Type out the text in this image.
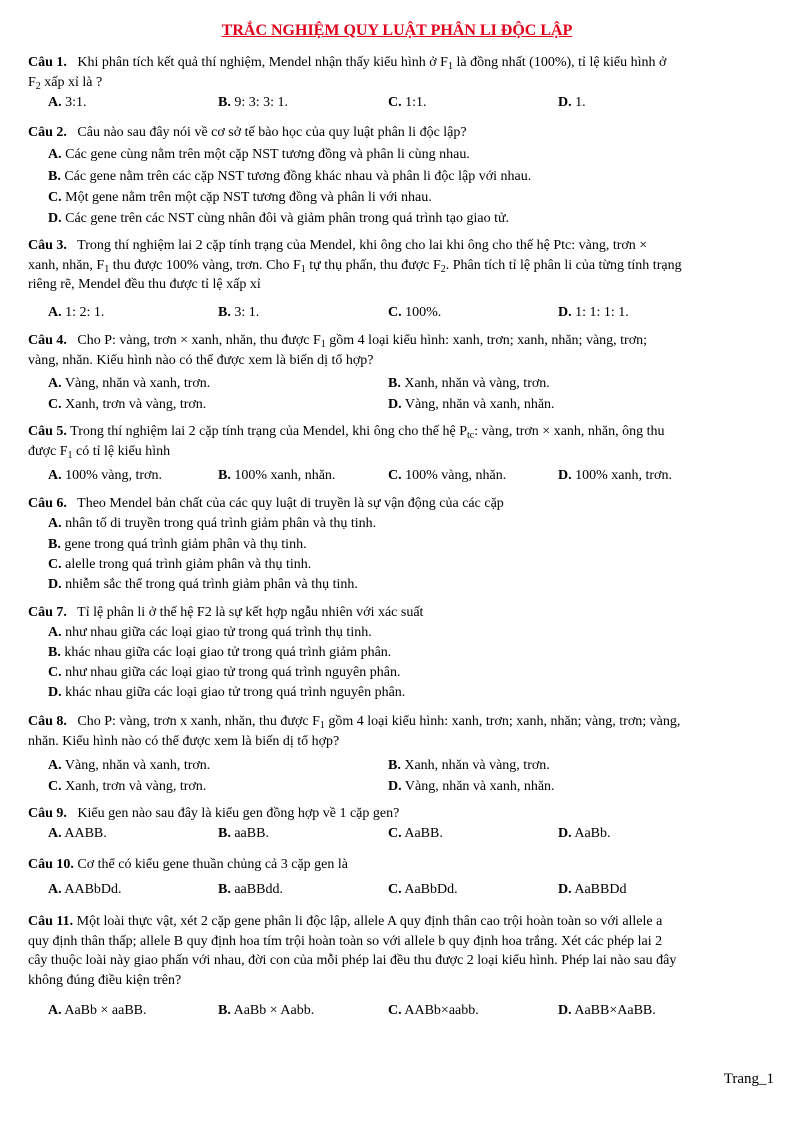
TRẮC NGHIỆM QUY LUẬT PHÂN LI ĐỘC LẬP
Câu 1. Khi phân tích kết quả thí nghiệm, Mendel nhận thấy kiểu hình ở $F_1$ là đồng nhất (100%), tỉ lệ kiểu hình ở
$F_2$ xấp xỉ là ?
A. 3:1.	B. 9: 3: 3: 1.	C. 1:1.	D. 1.
Câu 2. Câu nào sau đây nói về cơ sở tế bào học của quy luật phân li độc lập?
A. Các gene cùng nằm trên một cặp NST tương đồng và phân li cùng nhau.
B. Các gene nằm trên các cặp NST tương đồng khác nhau và phân li độc lập với nhau.
C. Một gene nằm trên một cặp NST tương đồng và phân li với nhau.
D. Các gene trên các NST cùng nhân đôi và giảm phân trong quá trình tạo giao tử.
Câu 3. Trong thí nghiệm lai 2 cặp tính trạng của Mendel, khi ông cho lai khi ông cho thế hệ Ptc: vàng, trơn ×
xanh, nhăn, $F_1$ thu được 100% vàng, trơn. Cho $F_1$ tự thụ phấn, thu được $F_2$. Phân tích tỉ lệ phân li của từng tính trạng
riêng rẽ, Mendel đều thu được tỉ lệ xấp xỉ
A. 1: 2: 1.	B. 3: 1.	C. 100%.	D. 1: 1: 1: 1.
Câu 4. Cho P: vàng, trơn × xanh, nhăn, thu được $F_1$ gồm 4 loại kiểu hình: xanh, trơn; xanh, nhăn; vàng, trơn;
vàng, nhăn. Kiểu hình nào có thể được xem là biến dị tổ hợp?
A. Vàng, nhăn và xanh, trơn.	B. Xanh, nhăn và vàng, trơn.
C. Xanh, trơn và vàng, trơn.	D. Vàng, nhăn và xanh, nhăn.
Câu 5. Trong thí nghiệm lai 2 cặp tính trạng của Mendel, khi ông cho thế hệ $P_{tc}$: vàng, trơn × xanh, nhăn, ông thu
được $F_1$ có tỉ lệ kiểu hình
A. 100% vàng, trơn.	B. 100% xanh, nhăn.	C. 100% vàng, nhăn.	D. 100% xanh, trơn.
Câu 6. Theo Mendel bản chất của các quy luật di truyền là sự vận động của các cặp
A. nhân tố di truyền trong quá trình giảm phân và thụ tinh.
B. gene trong quá trình giảm phân và thụ tinh.
C. alelle trong quá trình giảm phân và thụ tinh.
D. nhiễm sắc thể trong quá trình giảm phân và thụ tinh.
Câu 7. Tỉ lệ phân li ở thế hệ F2 là sự kết hợp ngẫu nhiên với xác suất
A. như nhau giữa các loại giao tử trong quá trình thụ tinh.
B. khác nhau giữa các loại giao tử trong quá trình giảm phân.
C. như nhau giữa các loại giao tử trong quá trình nguyên phân.
D. khác nhau giữa các loại giao tử trong quá trình nguyên phân.
Câu 8. Cho P: vàng, trơn x xanh, nhăn, thu được $F_1$ gồm 4 loại kiểu hình: xanh, trơn; xanh, nhăn; vàng, trơn; vàng,
nhăn. Kiểu hình nào có thể được xem là biến dị tổ hợp?
A. Vàng, nhăn và xanh, trơn.	B. Xanh, nhăn và vàng, trơn.
C. Xanh, trơn và vàng, trơn.	D. Vàng, nhăn và xanh, nhăn.
Câu 9. Kiểu gen nào sau đây là kiểu gen đồng hợp về 1 cặp gen?
A. AABB.	B. aaBB.	C. AaBB.	D. AaBb.
Câu 10. Cơ thể có kiểu gene thuần chủng cả 3 cặp gen là
A. AABbDd.	B. aaBBdd.	C. AaBbDd.	D. AaBBDd
Câu 11. Một loài thực vật, xét 2 cặp gene phân li độc lập, allele A quy định thân cao trội hoàn toàn so với allele a
quy định thân thấp; allele B quy định hoa tím trội hoàn toàn so với allele b quy định hoa trắng. Xét các phép lai 2
cây thuộc loài này giao phấn với nhau, đời con của mỗi phép lai đều thu được 2 loại kiểu hình. Phép lai nào sau đây
không đúng điều kiện trên?
A. AaBb × aaBB.	B. AaBb × Aabb.	C. AABb×aabb.	D. AaBB×AaBB.
Trang_1
